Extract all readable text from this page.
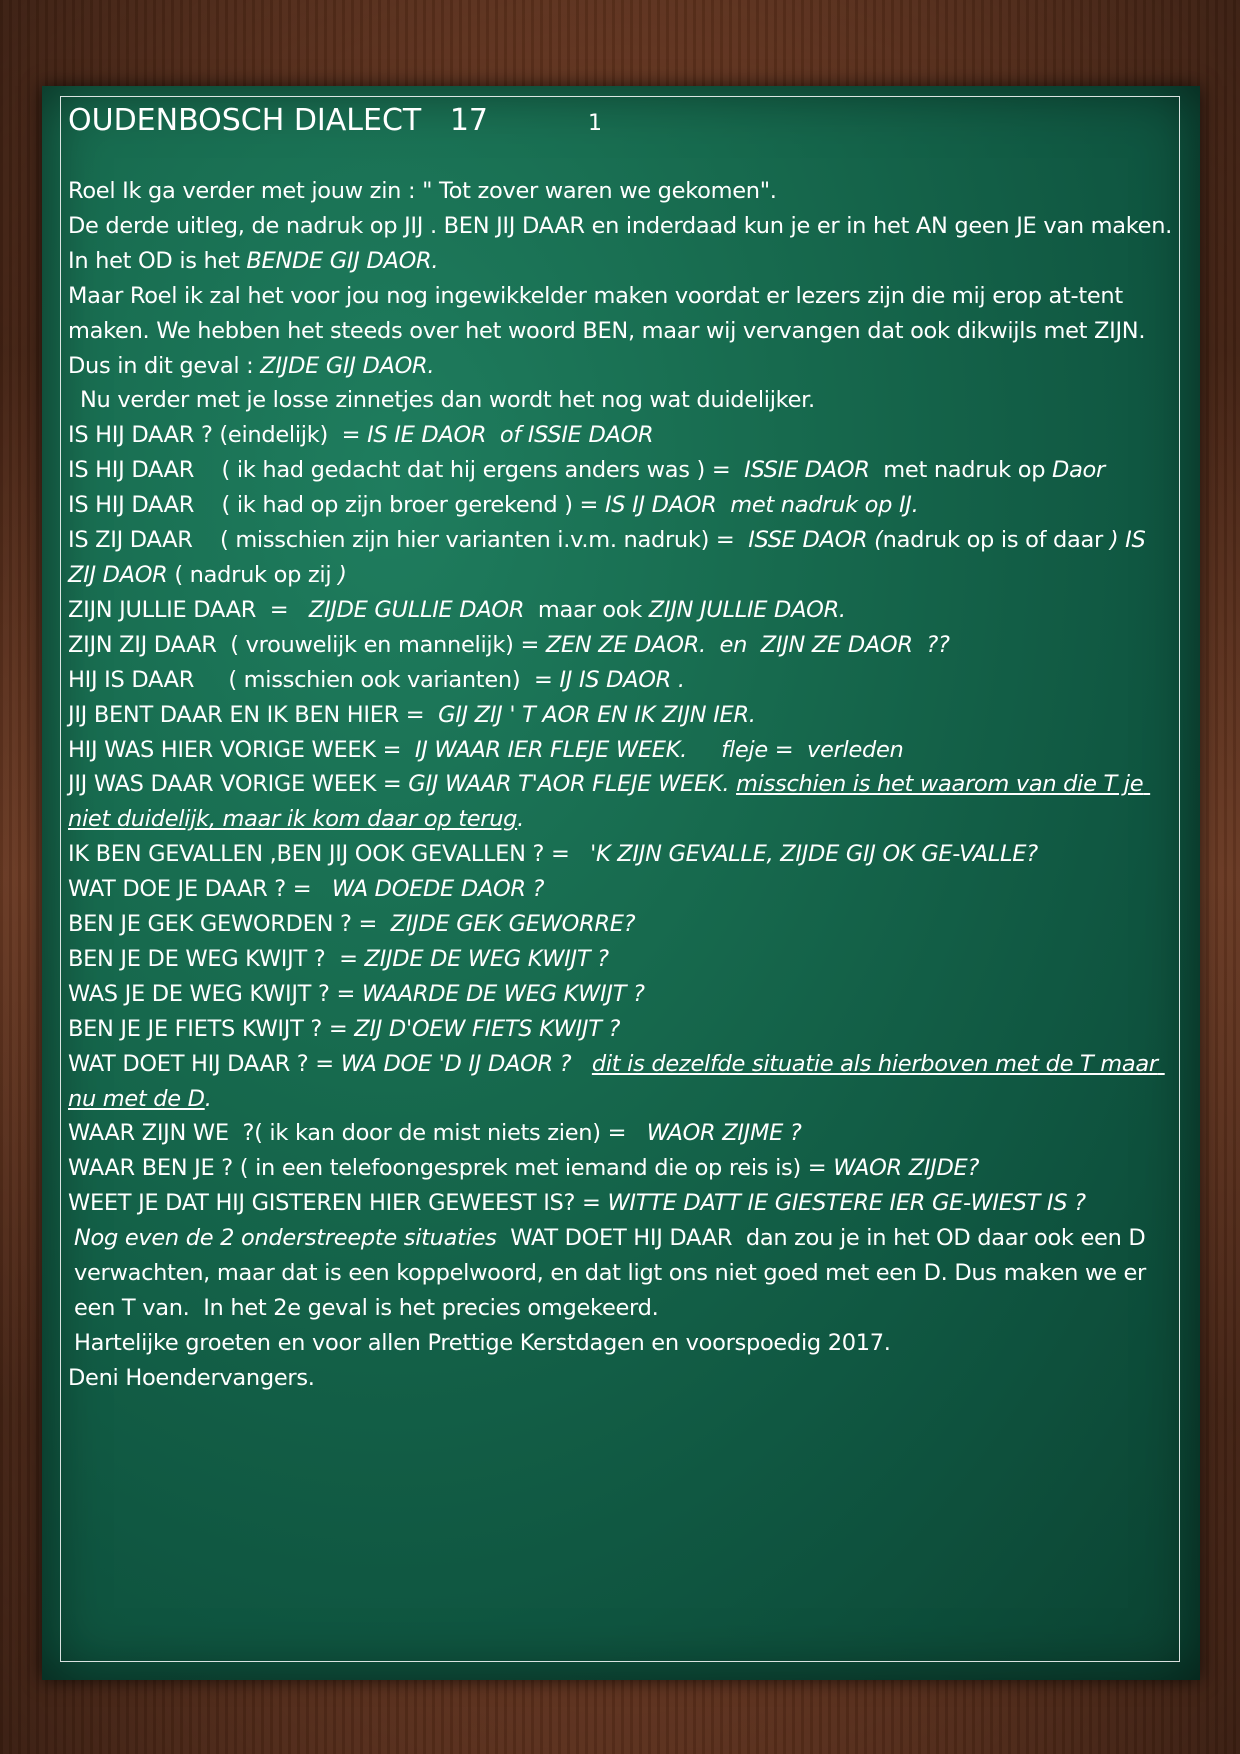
OUDENBOSCH DIALECT   17	1

Roel Ik ga verder met jouw zin : " Tot zover waren we gekomen".

De derde uitleg, de nadruk op JIJ . BEN JIJ DAAR en inderdaad kun je er in het AN geen JE van maken. In het OD is het BENDE GIJ DAOR.

Maar Roel ik zal het voor jou nog ingewikkelder maken voordat er lezers zijn die mij erop at-tent maken. We hebben het steeds over het woord BEN, maar wij vervangen dat ook dikwijls met ZIJN. Dus in dit geval : ZIJDE GIJ DAOR.

Nu verder met je losse zinnetjes dan wordt het nog wat duidelijker.

IS HIJ DAAR ? (eindelijk)  = IS IE DAOR  of ISSIE DAOR

IS HIJ DAAR    ( ik had gedacht dat hij ergens anders was ) =  ISSIE DAOR  met nadruk op Daor

IS HIJ DAAR    ( ik had op zijn broer gerekend ) = IS IJ DAOR  met nadruk op IJ.

IS ZIJ DAAR    ( misschien zijn hier varianten i.v.m. nadruk) =  ISSE DAOR (nadruk op is of daar ) IS ZIJ DAOR ( nadruk op zij )

ZIJN JULLIE DAAR  =   ZIJDE GULLIE DAOR  maar ook ZIJN JULLIE DAOR.

ZIJN ZIJ DAAR  ( vrouwelijk en mannelijk) = ZEN ZE DAOR.  en  ZIJN ZE DAOR  ??

HIJ IS DAAR     ( misschien ook varianten)  = IJ IS DAOR .

JIJ BENT DAAR EN IK BEN HIER =  GIJ ZIJ ' T AOR EN IK ZIJN IER.

HIJ WAS HIER VORIGE WEEK =  IJ WAAR IER FLEJE WEEK.     fleje =  verleden

JIJ WAS DAAR VORIGE WEEK = GIJ WAAR T'AOR FLEJE WEEK. misschien is het waarom van die T je niet duidelijk, maar ik kom daar op terug.

IK BEN GEVALLEN ,BEN JIJ OOK GEVALLEN ? =   'K ZIJN GEVALLE, ZIJDE GIJ OK GE-VALLE?

WAT DOE JE DAAR ? =   WA DOEDE DAOR ?

BEN JE GEK GEWORDEN ? =  ZIJDE GEK GEWORRE?

BEN JE DE WEG KWIJT ?  = ZIJDE DE WEG KWIJT ?

WAS JE DE WEG KWIJT ? = WAARDE DE WEG KWIJT ?

BEN JE JE FIETS KWIJT ? = ZIJ D'OEW FIETS KWIJT ?

WAT DOET HIJ DAAR ? = WA DOE 'D IJ DAOR ?   dit is dezelfde situatie als hierboven met de T maar nu met de D.

WAAR ZIJN WE  ?( ik kan door de mist niets zien) =   WAOR ZIJME ?

WAAR BEN JE ? ( in een telefoongesprek met iemand die op reis is) = WAOR ZIJDE?

WEET JE DAT HIJ GISTEREN HIER GEWEEST IS? = WITTE DATT IE GIESTERE IER GE-WIEST IS ?

Nog even de 2 onderstreepte situaties  WAT DOET HIJ DAAR  dan zou je in het OD daar ook een D verwachten, maar dat is een koppelwoord, en dat ligt ons niet goed met een D. Dus maken we er een T van.  In het 2e geval is het precies omgekeerd.

Hartelijke groeten en voor allen Prettige Kerstdagen en voorspoedig 2017.

Deni Hoendervangers.
